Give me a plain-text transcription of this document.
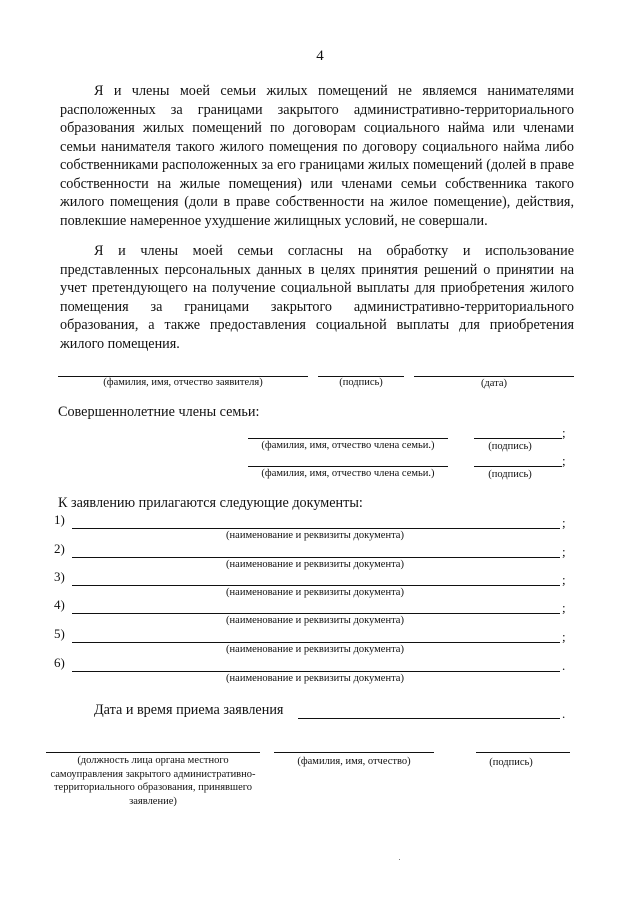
4
Я и члены моей семьи жилых помещений не являемся нанимателями расположенных за границами закрытого административно-территориального образования жилых помещений по договорам социального найма или членами семьи нанимателя такого жилого помещения по договору социального найма либо собственниками расположенных за его границами жилых помещений (долей в праве собственности на жилые помещения) или членами семьи собственника такого жилого помещения (доли в праве собственности на жилое помещение), действия, повлекшие намеренное ухудшение жилищных условий, не совершали.
Я и члены моей семьи согласны на обработку и использование представленных персональных данных в целях принятия решений о принятии на учет претендующего на получение социальной выплаты для приобретения жилого помещения за границами закрытого административно-территориального образования, а также предоставления социальной выплаты для приобретения жилого помещения.
(фамилия, имя, отчество заявителя)	(подпись)	(дата)
Совершеннолетние члены семьи:
;
(фамилия, имя, отчество члена семьи.)	(подпись)
;
(фамилия, имя, отчество члена семьи.)	(подпись)
К заявлению прилагаются следующие документы:
1)	;
(наименование и реквизиты документа)
2)	;
(наименование и реквизиты документа)
3)	;
(наименование и реквизиты документа)
4)	;
(наименование и реквизиты документа)
5)	;
(наименование и реквизиты документа)
6)	.
(наименование и реквизиты документа)
Дата и время приема заявления	.
(должность лица органа местного самоуправления закрытого административно-территориального образования, принявшего заявление)
(фамилия, имя, отчество)	(подпись)
